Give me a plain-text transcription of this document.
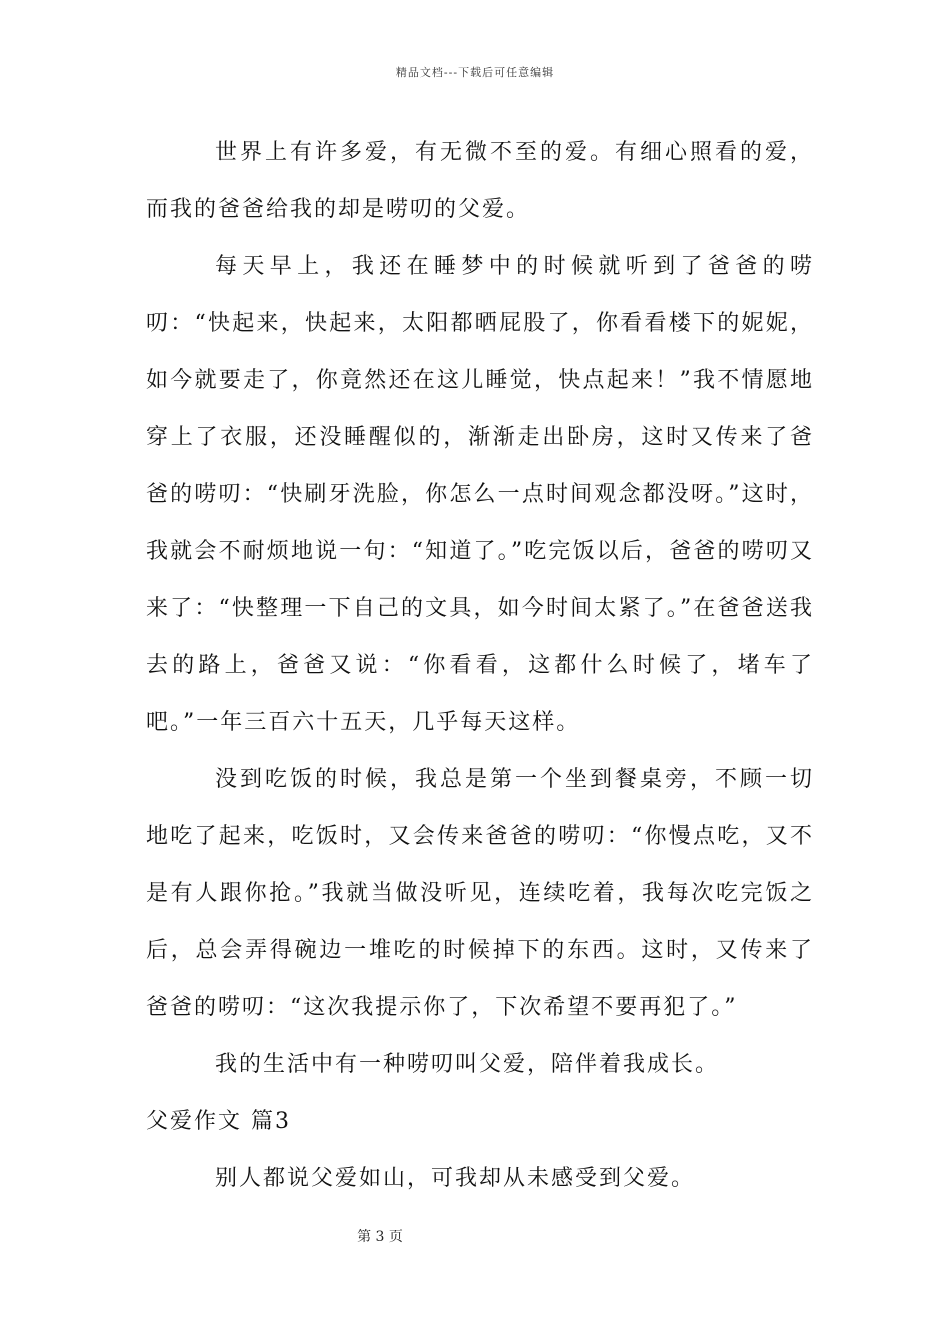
精品文档---下载后可任意编辑

世界上有许多爱，有无微不至的爱。有细心照看的爱，而我的爸爸给我的却是唠叨的父爱。

每天早上，我还在睡梦中的时候就听到了爸爸的唠叨：“快起来，快起来，太阳都晒屁股了，你看看楼下的妮妮，如今就要走了，你竟然还在这儿睡觉，快点起来！”我不情愿地穿上了衣服，还没睡醒似的，渐渐走出卧房，这时又传来了爸爸的唠叨：“快刷牙洗脸，你怎么一点时间观念都没呀。”这时，我就会不耐烦地说一句：“知道了。”吃完饭以后，爸爸的唠叨又来了：“快整理一下自己的文具，如今时间太紧了。”在爸爸送我去的路上，爸爸又说：“你看看，这都什么时候了，堵车了吧。”一年三百六十五天，几乎每天这样。

没到吃饭的时候，我总是第一个坐到餐桌旁，不顾一切地吃了起来，吃饭时，又会传来爸爸的唠叨：“你慢点吃，又不是有人跟你抢。”我就当做没听见，连续吃着，我每次吃完饭之后，总会弄得碗边一堆吃的时候掉下的东西。这时，又传来了爸爸的唠叨：“这次我提示你了，下次希望不要再犯了。”

我的生活中有一种唠叨叫父爱，陪伴着我成长。

父爱作文 篇3

别人都说父爱如山，可我却从未感受到父爱。

第 3 页
